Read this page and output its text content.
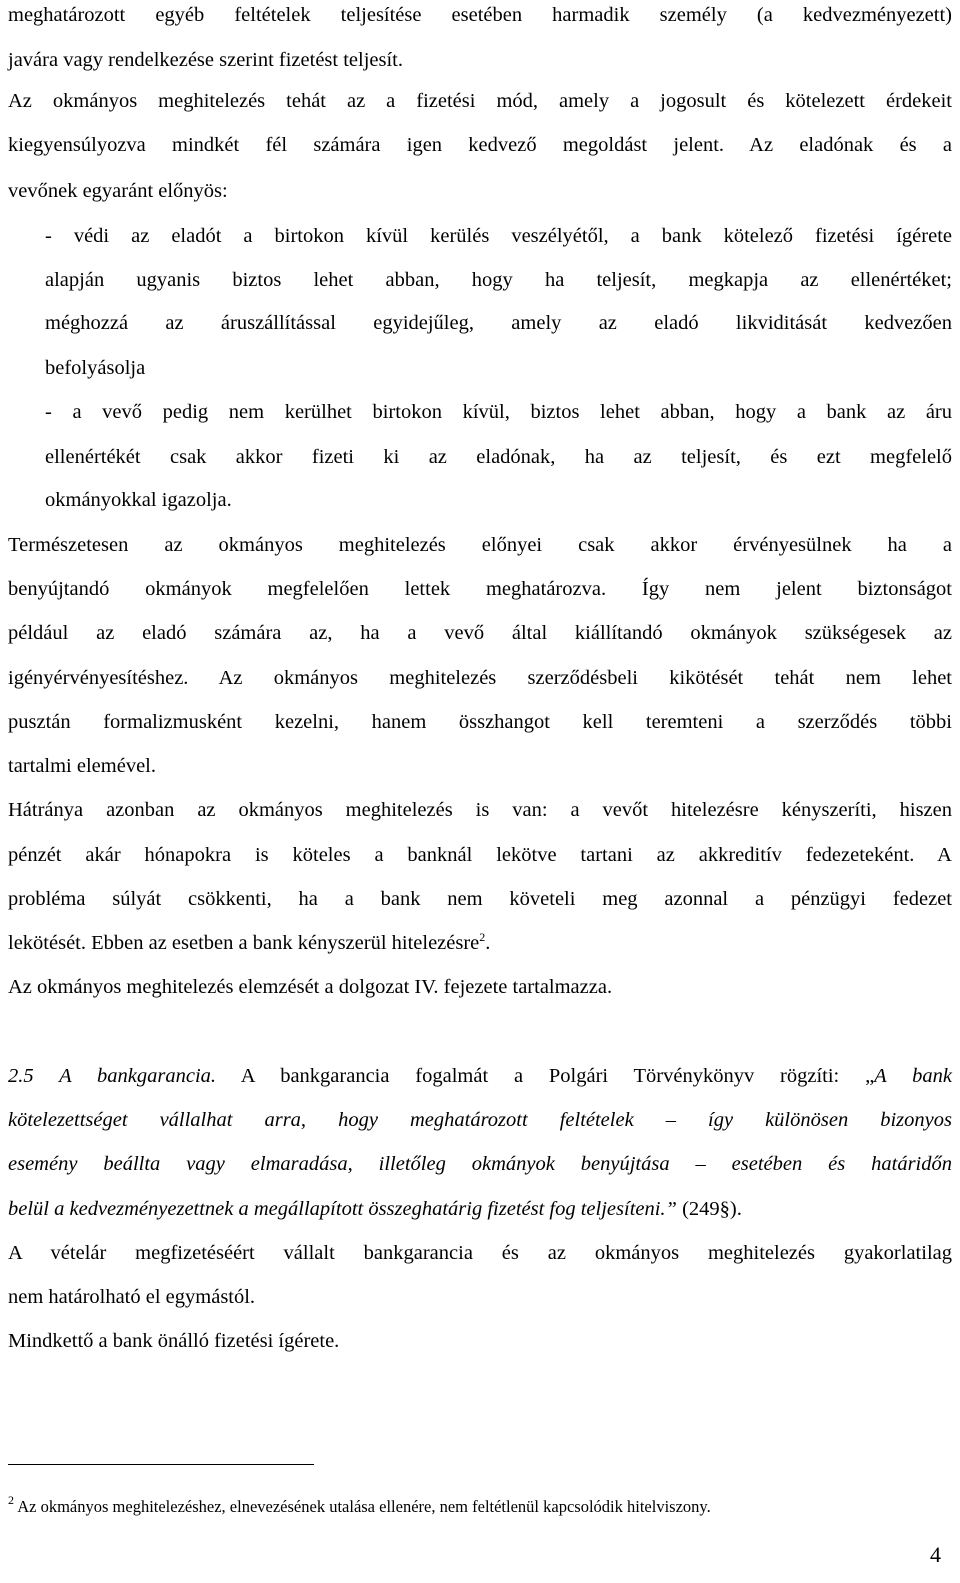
meghatározott egyéb feltételek teljesítése esetében harmadik személy (a kedvezményezett)
javára vagy rendelkezése szerint fizetést teljesít.
Az okmányos meghitelezés tehát az a fizetési mód, amely a jogosult és kötelezett érdekeit
kiegyensúlyozva mindkét fél számára igen kedvező megoldást jelent. Az eladónak és a
vevőnek egyaránt előnyös:
- védi az eladót a birtokon kívül kerülés veszélyétől, a bank kötelező fizetési ígérete
alapján ugyanis biztos lehet abban, hogy ha teljesít, megkapja az ellenértéket;
méghozzá az áruszállítással egyidejűleg, amely az eladó likviditását kedvezően
befolyásolja
- a vevő pedig nem kerülhet birtokon kívül, biztos lehet abban, hogy a bank az áru
ellenértékét csak akkor fizeti ki az eladónak, ha az teljesít, és ezt megfelelő
okmányokkal igazolja.
Természetesen az okmányos meghitelezés előnyei csak akkor érvényesülnek ha a
benyújtandó okmányok megfelelően lettek meghatározva. Így nem jelent biztonságot
például az eladó számára az, ha a vevő által kiállítandó okmányok szükségesek az
igényérvényesítéshez. Az okmányos meghitelezés szerződésbeli kikötését tehát nem lehet
pusztán formalizmusként kezelni, hanem összhangot kell teremteni a szerződés többi
tartalmi elemével.
Hátránya azonban az okmányos meghitelezés is van: a vevőt hitelezésre kényszeríti, hiszen
pénzét akár hónapokra is köteles a banknál lekötve tartani az akkreditív fedezeteként. A
probléma súlyát csökkenti, ha a bank nem követeli meg azonnal a pénzügyi fedezet
lekötését. Ebben az esetben a bank kényszerül hitelezésre$^2$.
Az okmányos meghitelezés elemzését a dolgozat IV. fejezete tartalmazza.
2.5 A bankgarancia. A bankgarancia fogalmát a Polgári Törvénykönyv rögzíti: „A bank
kötelezettséget vállalhat arra, hogy meghatározott feltételek – így különösen bizonyos
esemény beállta vagy elmaradása, illetőleg okmányok benyújtása – esetében és határidőn
belül a kedvezményezettnek a megállapított összeghatárig fizetést fog teljesíteni.” (249§).
A vételár megfizetéséért vállalt bankgarancia és az okmányos meghitelezés gyakorlatilag
nem határolható el egymástól.
Mindkettő a bank önálló fizetési ígérete.
$^2$ Az okmányos meghitelezéshez, elnevezésének utalása ellenére, nem feltétlenül kapcsolódik hitelviszony.
4
